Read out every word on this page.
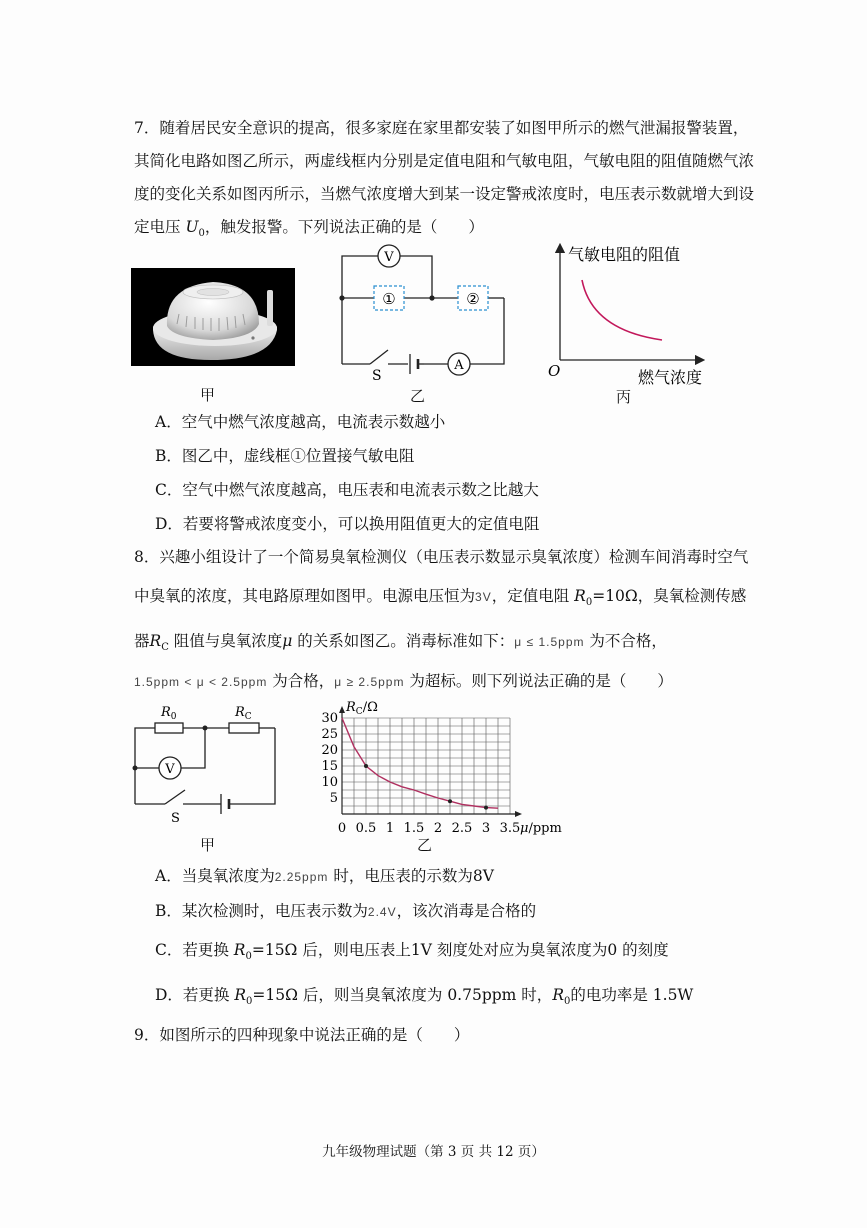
7．随着居民安全意识的提高，很多家庭在家里都安装了如图甲所示的燃气泄漏报警装置，
其简化电路如图乙所示，两虚线框内分别是定值电阻和气敏电阻，气敏电阻的阻值随燃气浓
度的变化关系如图丙所示，当燃气浓度增大到某一设定警戒浓度时，电压表示数就增大到设
定电压 $U_0$，触发报警。下列说法正确的是（　　）
甲
V
A
①	②
S
乙
气敏电阻的阻值
燃气浓度
O
丙
A．空气中燃气浓度越高，电流表示数越小
B．图乙中，虚线框①位置接气敏电阻
C．空气中燃气浓度越高，电压表和电流表示数之比越大
D．若要将警戒浓度变小，可以换用阻值更大的定值电阻
8．兴趣小组设计了一个简易臭氧检测仪（电压表示数显示臭氧浓度）检测车间消毒时空气
中臭氧的浓度，其电路原理如图甲。电源电压恒为3V，定值电阻 $R_0=10\Omega$，臭氧检测传感
器$R_C$ 阻值与臭氧浓度μ 的关系如图乙。消毒标准如下：μ ≤ 1.5ppm 为不合格，
1.5ppm < μ < 2.5ppm 为合格，μ ≥ 2.5ppm 为超标。则下列说法正确的是（　　）
V
$R_0$	$R_C$
S
甲
0 0.5 1 1.5 2 2.5 3 3.5
5
10
15
20
25
30
$R_C/\Omega$
μ/ppm
乙
A．当臭氧浓度为2.25ppm 时，电压表的示数为8V
B．某次检测时，电压表示数为2.4V，该次消毒是合格的
C．若更换 $R_0=15\Omega$ 后，则电压表上1V 刻度处对应为臭氧浓度为0 的刻度
D．若更换 $R_0=15\Omega$ 后，则当臭氧浓度为 0.75ppm 时，$R_0$的电功率是 1.5W
9．如图所示的四种现象中说法正确的是（　　）
九年级物理试题（第 3 页 共 12 页）
